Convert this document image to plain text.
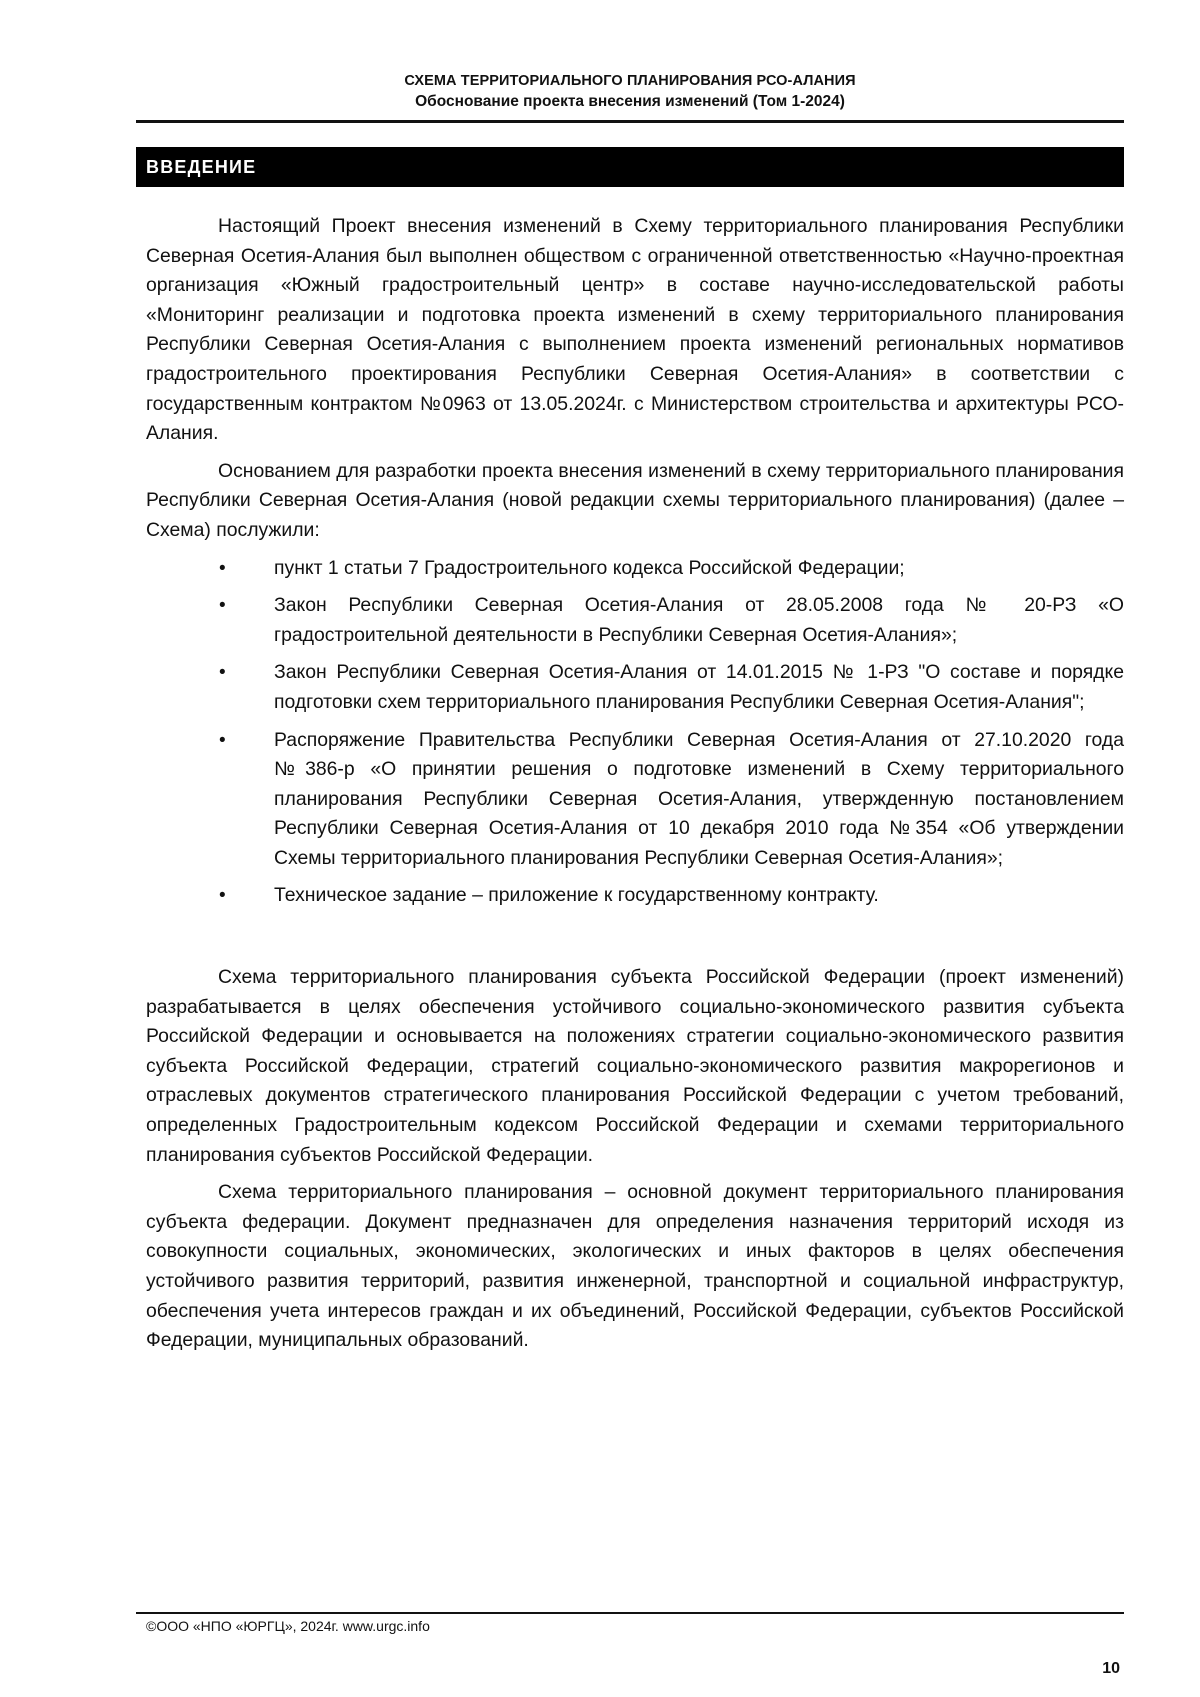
СХЕМА ТЕРРИТОРИАЛЬНОГО ПЛАНИРОВАНИЯ РСО-АЛАНИЯ
Обоснование проекта внесения изменений (Том 1-2024)
ВВЕДЕНИЕ

Настоящий Проект внесения изменений в Схему территориального планирования Республики Северная Осетия-Алания был выполнен обществом с ограниченной ответственностью «Научно-проектная организация «Южный градостроительный центр» в составе научно-исследовательской работы «Мониторинг реализации и подготовка проекта изменений в схему территориального планирования Республики Северная Осетия-Алания с выполнением проекта изменений региональных нормативов градостроительного проектирования Республики Северная Осетия-Алания» в соответствии с государственным контрактом №0963 от 13.05.2024г. с Министерством строительства и архитектуры РСО-Алания.

Основанием для разработки проекта внесения изменений в схему территориального планирования Республики Северная Осетия-Алания (новой редакции схемы территориального планирования) (далее – Схема) послужили:

• пункт 1 статьи 7 Градостроительного кодекса Российской Федерации;
• Закон Республики Северная Осетия-Алания от 28.05.2008 года № 20-РЗ «О градостроительной деятельности в Республики Северная Осетия-Алания»;
• Закон Республики Северная Осетия-Алания от 14.01.2015 № 1-РЗ "О составе и порядке подготовки схем территориального планирования Республики Северная Осетия-Алания";
• Распоряжение Правительства Республики Северная Осетия-Алания от 27.10.2020 года №386-р «О принятии решения о подготовке изменений в Схему территориального планирования Республики Северная Осетия-Алания, утвержденную постановлением Республики Северная Осетия-Алания от 10 декабря 2010 года №354 «Об утверждении Схемы территориального планирования Республики Северная Осетия-Алания»;
• Техническое задание – приложение к государственному контракту.

Схема территориального планирования субъекта Российской Федерации (проект изменений) разрабатывается в целях обеспечения устойчивого социально-экономического развития субъекта Российской Федерации и основывается на положениях стратегии социально-экономического развития субъекта Российской Федерации, стратегий социально-экономического развития макрорегионов и отраслевых документов стратегического планирования Российской Федерации с учетом требований, определенных Градостроительным кодексом Российской Федерации и схемами территориального планирования субъектов Российской Федерации.

Схема территориального планирования – основной документ территориального планирования субъекта федерации. Документ предназначен для определения назначения территорий исходя из совокупности социальных, экономических, экологических и иных факторов в целях обеспечения устойчивого развития территорий, развития инженерной, транспортной и социальной инфраструктур, обеспечения учета интересов граждан и их объединений, Российской Федерации, субъектов Российской Федерации, муниципальных образований.

©ООО «НПО «ЮРГЦ», 2024г. www.urgc.info
10
